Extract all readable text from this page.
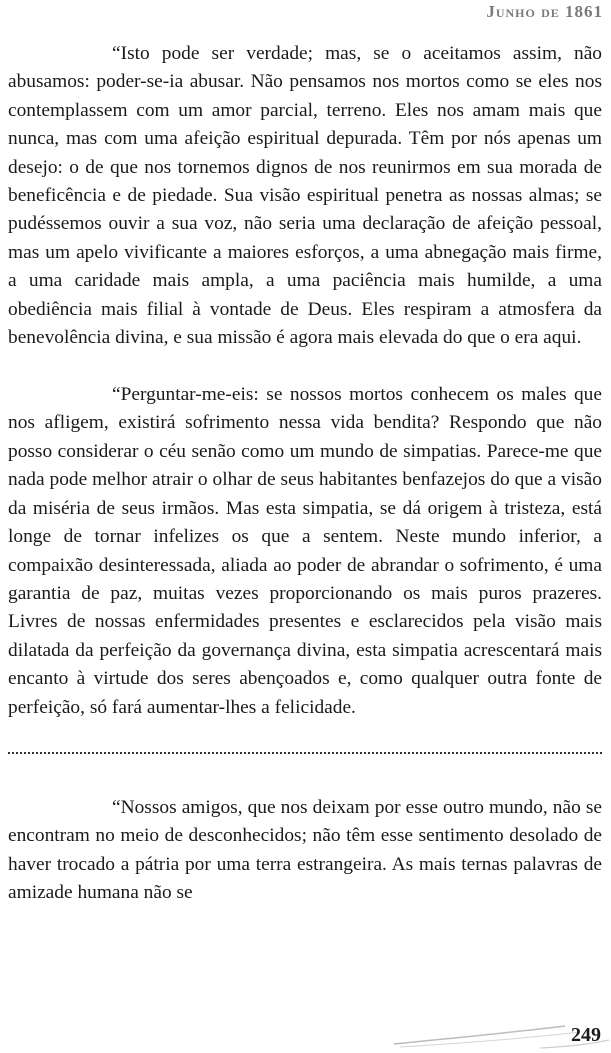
Junho de 1861

“Isto pode ser verdade; mas, se o aceitamos assim, não abusamos: poder-se-ia abusar. Não pensamos nos mortos como se eles nos contemplassem com um amor parcial, terreno. Eles nos amam mais que nunca, mas com uma afeição espiritual depurada. Têm por nós apenas um desejo: o de que nos tornemos dignos de nos reunirmos em sua morada de beneficência e de piedade. Sua visão espiritual penetra as nossas almas; se pudéssemos ouvir a sua voz, não seria uma declaração de afeição pessoal, mas um apelo vivificante a maiores esforços, a uma abnegação mais firme, a uma caridade mais ampla, a uma paciência mais humilde, a uma obediência mais filial à vontade de Deus. Eles respiram a atmosfera da benevolência divina, e sua missão é agora mais elevada do que o era aqui.

“Perguntar-me-eis: se nossos mortos conhecem os males que nos afligem, existirá sofrimento nessa vida bendita? Respondo que não posso considerar o céu senão como um mundo de simpatias. Parece-me que nada pode melhor atrair o olhar de seus habitantes benfazejos do que a visão da miséria de seus irmãos. Mas esta simpatia, se dá origem à tristeza, está longe de tornar infelizes os que a sentem. Neste mundo inferior, a compaixão desinteressada, aliada ao poder de abrandar o sofrimento, é uma garantia de paz, muitas vezes proporcionando os mais puros prazeres. Livres de nossas enfermidades presentes e esclarecidos pela visão mais dilatada da perfeição da governança divina, esta simpatia acrescentará mais encanto à virtude dos seres abençoados e, como qualquer outra fonte de perfeição, só fará aumentar-lhes a felicidade.

“Nossos amigos, que nos deixam por esse outro mundo, não se encontram no meio de desconhecidos; não têm esse sentimento desolado de haver trocado a pátria por uma terra estrangeira. As mais ternas palavras de amizade humana não se

249
